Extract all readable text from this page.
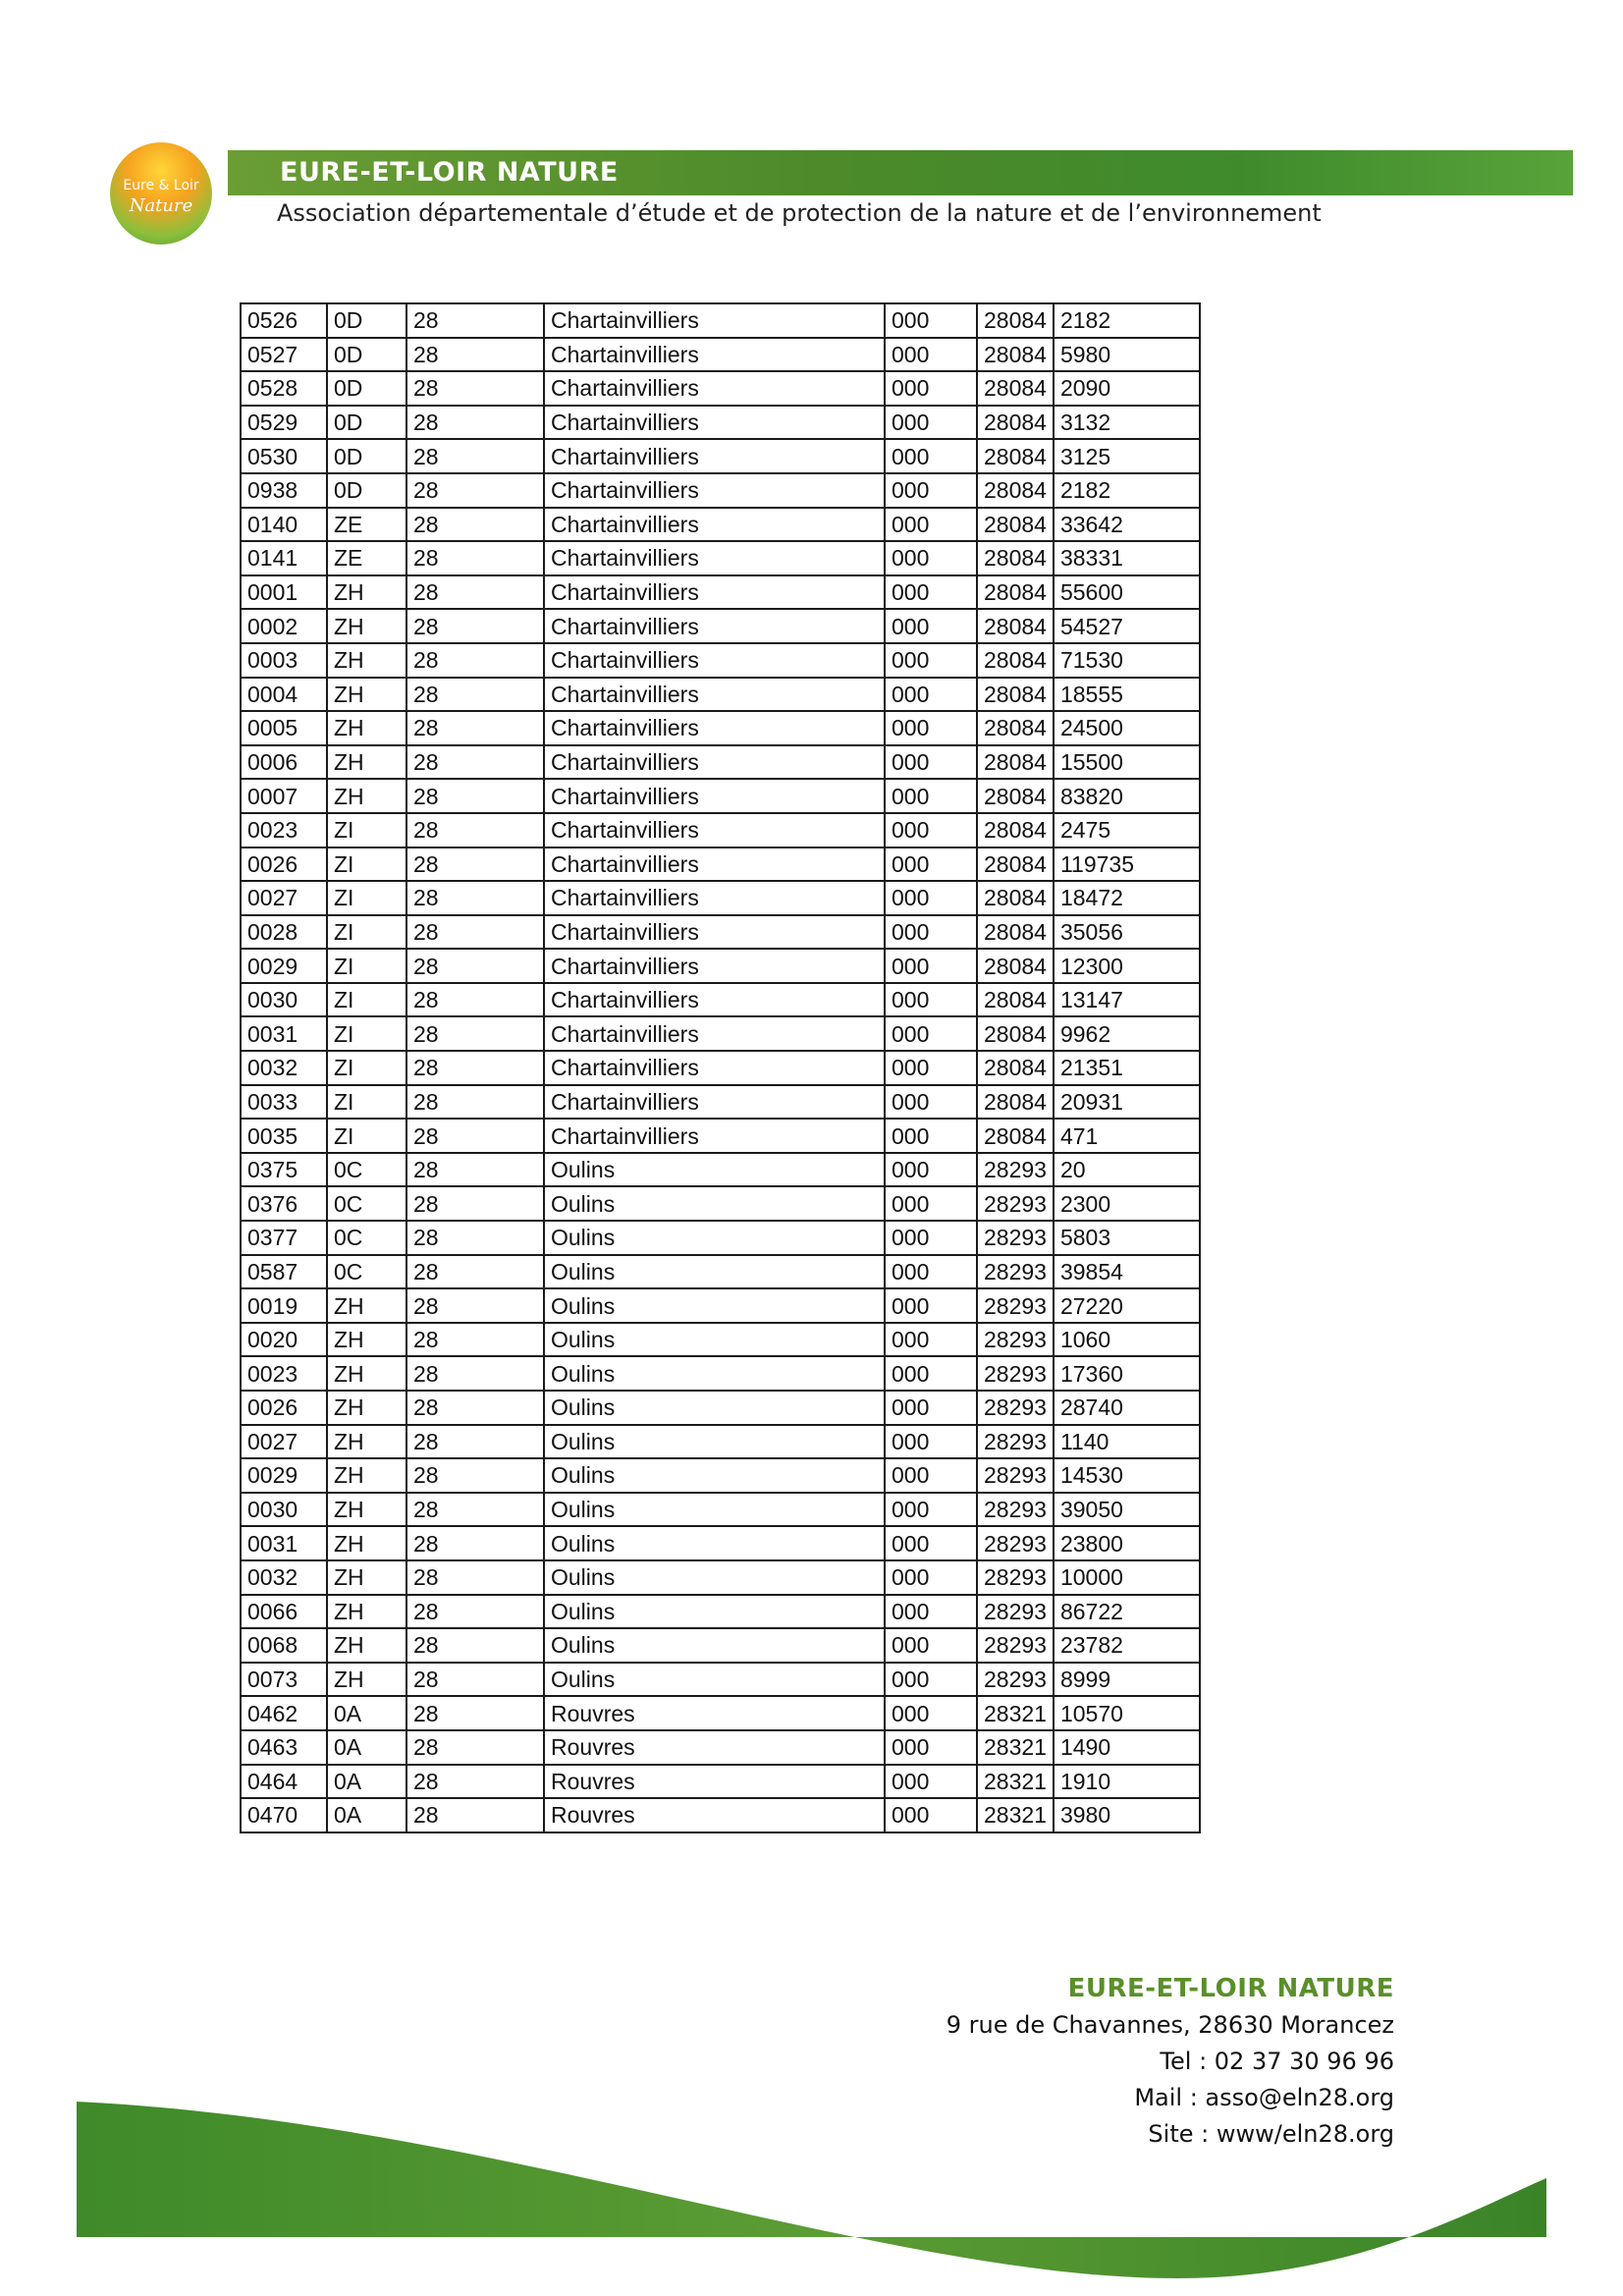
Eure & Loir
Nature
EURE-ET-LOIR NATURE
Association départementale d’étude et de protection de la nature et de l’environnement
0526	0D	28	Chartainvilliers	000	28084	2182
0527	0D	28	Chartainvilliers	000	28084	5980
0528	0D	28	Chartainvilliers	000	28084	2090
0529	0D	28	Chartainvilliers	000	28084	3132
0530	0D	28	Chartainvilliers	000	28084	3125
0938	0D	28	Chartainvilliers	000	28084	2182
0140	ZE	28	Chartainvilliers	000	28084	33642
0141	ZE	28	Chartainvilliers	000	28084	38331
0001	ZH	28	Chartainvilliers	000	28084	55600
0002	ZH	28	Chartainvilliers	000	28084	54527
0003	ZH	28	Chartainvilliers	000	28084	71530
0004	ZH	28	Chartainvilliers	000	28084	18555
0005	ZH	28	Chartainvilliers	000	28084	24500
0006	ZH	28	Chartainvilliers	000	28084	15500
0007	ZH	28	Chartainvilliers	000	28084	83820
0023	ZI	28	Chartainvilliers	000	28084	2475
0026	ZI	28	Chartainvilliers	000	28084	119735
0027	ZI	28	Chartainvilliers	000	28084	18472
0028	ZI	28	Chartainvilliers	000	28084	35056
0029	ZI	28	Chartainvilliers	000	28084	12300
0030	ZI	28	Chartainvilliers	000	28084	13147
0031	ZI	28	Chartainvilliers	000	28084	9962
0032	ZI	28	Chartainvilliers	000	28084	21351
0033	ZI	28	Chartainvilliers	000	28084	20931
0035	ZI	28	Chartainvilliers	000	28084	471
0375	0C	28	Oulins	000	28293	20
0376	0C	28	Oulins	000	28293	2300
0377	0C	28	Oulins	000	28293	5803
0587	0C	28	Oulins	000	28293	39854
0019	ZH	28	Oulins	000	28293	27220
0020	ZH	28	Oulins	000	28293	1060
0023	ZH	28	Oulins	000	28293	17360
0026	ZH	28	Oulins	000	28293	28740
0027	ZH	28	Oulins	000	28293	1140
0029	ZH	28	Oulins	000	28293	14530
0030	ZH	28	Oulins	000	28293	39050
0031	ZH	28	Oulins	000	28293	23800
0032	ZH	28	Oulins	000	28293	10000
0066	ZH	28	Oulins	000	28293	86722
0068	ZH	28	Oulins	000	28293	23782
0073	ZH	28	Oulins	000	28293	8999
0462	0A	28	Rouvres	000	28321	10570
0463	0A	28	Rouvres	000	28321	1490
0464	0A	28	Rouvres	000	28321	1910
0470	0A	28	Rouvres	000	28321	3980
EURE-ET-LOIR NATURE
9 rue de Chavannes, 28630 Morancez
Tel : 02 37 30 96 96
Mail : asso@eln28.org
Site : www/eln28.org
